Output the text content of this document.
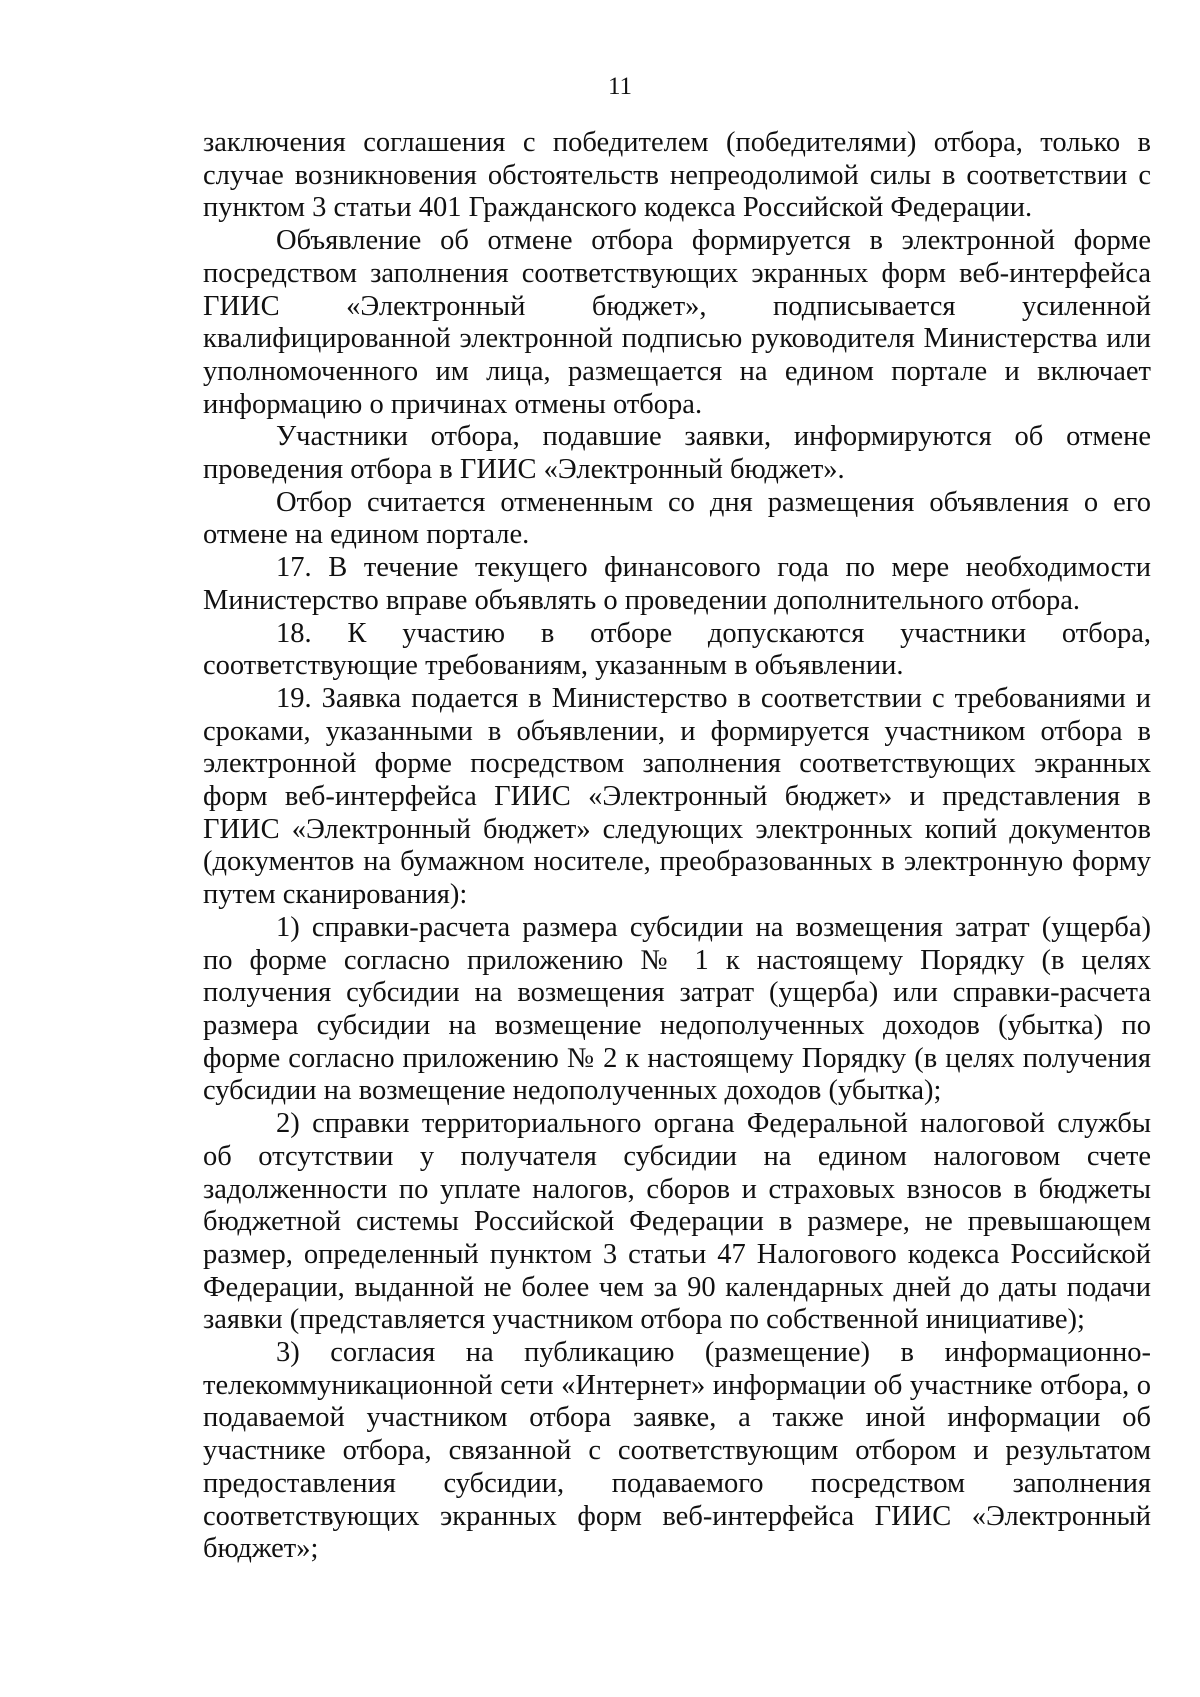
11

заключения соглашения с победителем (победителями) отбора, только в случае возникновения обстоятельств непреодолимой силы в соответствии с пунктом 3 статьи 401 Гражданского кодекса Российской Федерации.

Объявление об отмене отбора формируется в электронной форме посредством заполнения соответствующих экранных форм веб-интерфейса

ГИИС «Электронный бюджет», подписывается усиленной

квалифицированной электронной подписью руководителя Министерства или уполномоченного им лица, размещается на едином портале и включает информацию о причинах отмены отбора.

Участники отбора, подавшие заявки, информируются об отмене проведения отбора в ГИИС «Электронный бюджет».

Отбор считается отмененным со дня размещения объявления о его отмене на едином портале.

17. В течение текущего финансового года по мере необходимости Министерство вправе объявлять о проведении дополнительного отбора.

18. К участию в отборе допускаются участники отбора,

соответствующие требованиям, указанным в объявлении.

19. Заявка подается в Министерство в соответствии с требованиями и сроками, указанными в объявлении, и формируется участником отбора в электронной форме посредством заполнения соответствующих экранных форм веб-интерфейса ГИИС «Электронный бюджет» и представления в ГИИС «Электронный бюджет» следующих электронных копий документов (документов на бумажном носителе, преобразованных в электронную форму путем сканирования):

1) справки-расчета размера субсидии на возмещения затрат (ущерба) по форме согласно приложению № 1 к настоящему Порядку (в целях получения субсидии на возмещения затрат (ущерба) или справки-расчета размера субсидии на возмещение недополученных доходов (убытка) по форме согласно приложению № 2 к настоящему Порядку (в целях получения субсидии на возмещение недополученных доходов (убытка);

2) справки территориального органа Федеральной налоговой службы об отсутствии у получателя субсидии на едином налоговом счете задолженности по уплате налогов, сборов и страховых взносов в бюджеты бюджетной системы Российской Федерации в размере, не превышающем размер, определенный пунктом 3 статьи 47 Налогового кодекса Российской Федерации, выданной не более чем за 90 календарных дней до даты подачи заявки (представляется участником отбора по собственной инициативе);

3) согласия на публикацию (размещение) в информационно-

телекоммуникационной сети «Интернет» информации об участнике отбора, о подаваемой участником отбора заявке, а также иной информации об участнике отбора, связанной с соответствующим отбором и результатом предоставления субсидии, подаваемого посредством заполнения соответствующих экранных форм веб-интерфейса ГИИС «Электронный бюджет»;
